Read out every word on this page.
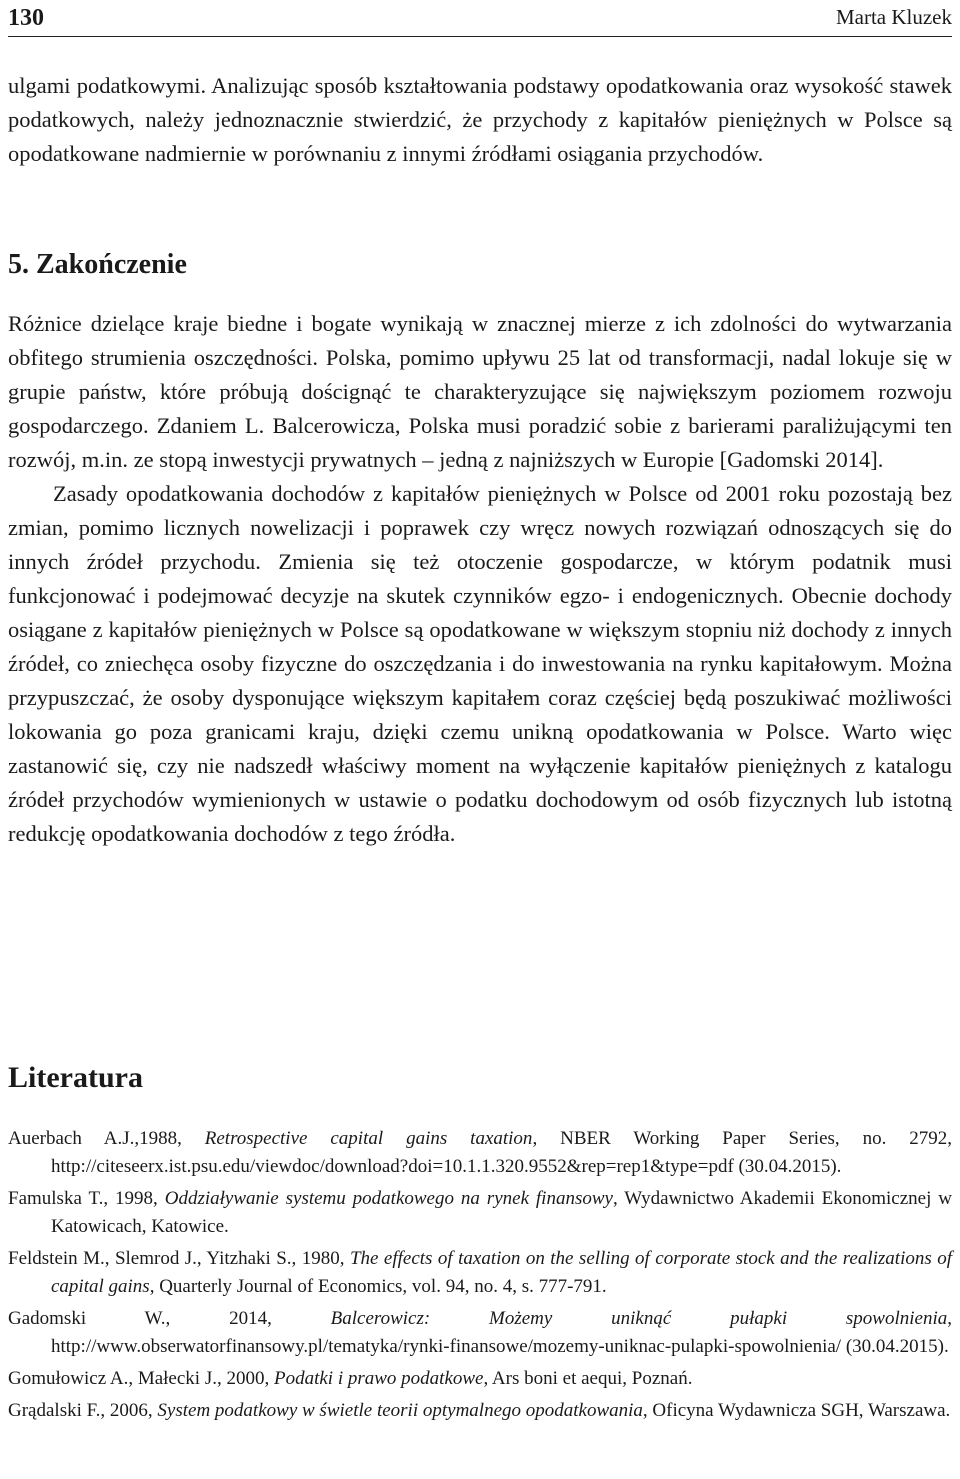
130	Marta Kluzek

ulgami podatkowymi. Analizując sposób kształtowania podstawy opodatkowania oraz wysokość stawek podatkowych, należy jednoznacznie stwierdzić, że przychody z kapitałów pieniężnych w Polsce są opodatkowane nadmiernie w porównaniu z innymi źródłami osiągania przychodów.

5. Zakończenie

Różnice dzielące kraje biedne i bogate wynikają w znacznej mierze z ich zdolności do wytwarzania obfitego strumienia oszczędności. Polska, pomimo upływu 25 lat od transformacji, nadal lokuje się w grupie państw, które próbują doścignąć te charakteryzujące się największym poziomem rozwoju gospodarczego. Zdaniem L. Balcerowicza, Polska musi poradzić sobie z barierami paraliżującymi ten rozwój, m.in. ze stopą inwestycji prywatnych – jedną z najniższych w Europie [Gadomski 2014].

Zasady opodatkowania dochodów z kapitałów pieniężnych w Polsce od 2001 roku pozostają bez zmian, pomimo licznych nowelizacji i poprawek czy wręcz nowych rozwiązań odnoszących się do innych źródeł przychodu. Zmienia się też otoczenie gospodarcze, w którym podatnik musi funkcjonować i podejmować decyzje na skutek czynników egzo- i endogenicznych. Obecnie dochody osiągane z kapitałów pieniężnych w Polsce są opodatkowane w większym stopniu niż dochody z innych źródeł, co zniechęca osoby fizyczne do oszczędzania i do inwestowania na rynku kapitałowym. Można przypuszczać, że osoby dysponujące większym kapitałem coraz częściej będą poszukiwać możliwości lokowania go poza granicami kraju, dzięki czemu unikną opodatkowania w Polsce. Warto więc zastanowić się, czy nie nadszedł właściwy moment na wyłączenie kapitałów pieniężnych z katalogu źródeł przychodów wymienionych w ustawie o podatku dochodowym od osób fizycznych lub istotną redukcję opodatkowania dochodów z tego źródła.

Literatura

Auerbach A.J.,1988, Retrospective capital gains taxation, NBER Working Paper Series, no. 2792, http://citeseerx.ist.psu.edu/viewdoc/download?doi=10.1.1.320.9552&rep=rep1&type=pdf (30.04.2015).

Famulska T., 1998, Oddziaływanie systemu podatkowego na rynek finansowy, Wydawnictwo Akademii Ekonomicznej w Katowicach, Katowice.

Feldstein M., Slemrod J., Yitzhaki S., 1980, The effects of taxation on the selling of corporate stock and the realizations of capital gains, Quarterly Journal of Economics, vol. 94, no. 4, s. 777-791.

Gadomski W., 2014, Balcerowicz: Możemy uniknąć pułapki spowolnienia, http://www.obserwatorfinansowy.pl/tematyka/rynki-finansowe/mozemy-uniknac-pulapki-spowolnienia/ (30.04.2015).

Gomułowicz A., Małecki J., 2000, Podatki i prawo podatkowe, Ars boni et aequi, Poznań.

Grądalski F., 2006, System podatkowy w świetle teorii optymalnego opodatkowania, Oficyna Wydawnicza SGH, Warszawa.
